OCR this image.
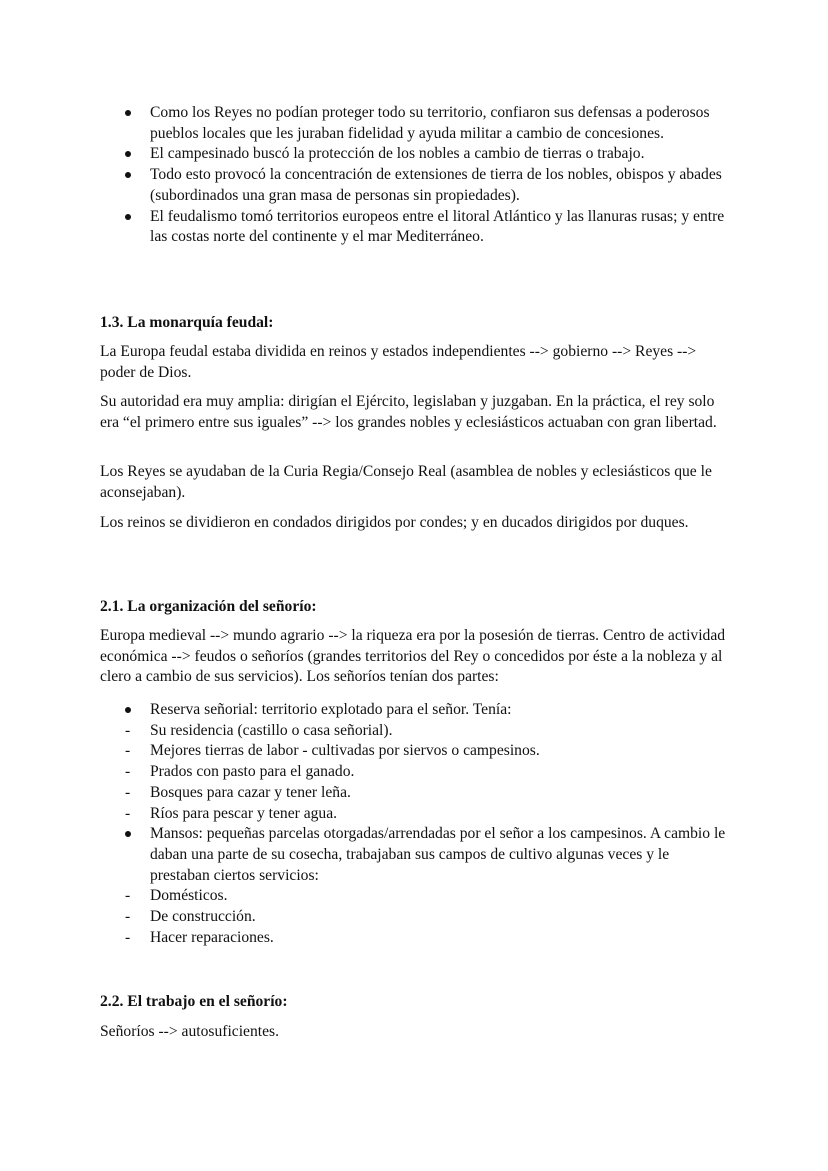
Como los Reyes no podían proteger todo su territorio, confiaron sus defensas a poderosos pueblos locales que les juraban fidelidad y ayuda militar a cambio de concesiones.
El campesinado buscó la protección de los nobles a cambio de tierras o trabajo.
Todo esto provocó la concentración de extensiones de tierra de los nobles, obispos y abades (subordinados una gran masa de personas sin propiedades).
El feudalismo tomó territorios europeos entre el litoral Atlántico y las llanuras rusas; y entre las costas norte del continente y el mar Mediterráneo.
1.3. La monarquía feudal:

La Europa feudal estaba dividida en reinos y estados independientes --> gobierno --> Reyes --> poder de Dios.

Su autoridad era muy amplia: dirigían el Ejército, legislaban y juzgaban. En la práctica, el rey solo era “el primero entre sus iguales” --> los grandes nobles y eclesiásticos actuaban con gran libertad.

Los Reyes se ayudaban de la Curia Regia/Consejo Real (asamblea de nobles y eclesiásticos que le aconsejaban).

Los reinos se dividieron en condados dirigidos por condes; y en ducados dirigidos por duques.

2.1. La organización del señorío:

Europa medieval --> mundo agrario --> la riqueza era por la posesión de tierras. Centro de actividad económica --> feudos o señoríos (grandes territorios del Rey o concedidos por éste a la nobleza y al clero a cambio de sus servicios). Los señoríos tenían dos partes:

Reserva señorial: territorio explotado para el señor. Tenía:
Su residencia (castillo o casa señorial).
Mejores tierras de labor - cultivadas por siervos o campesinos.
Prados con pasto para el ganado.
Bosques para cazar y tener leña.
Ríos para pescar y tener agua.
Mansos: pequeñas parcelas otorgadas/arrendadas por el señor a los campesinos. A cambio le daban una parte de su cosecha, trabajaban sus campos de cultivo algunas veces y le prestaban ciertos servicios:
Domésticos.
De construcción.
Hacer reparaciones.
2.2. El trabajo en el señorío:

Señoríos --> autosuficientes.
